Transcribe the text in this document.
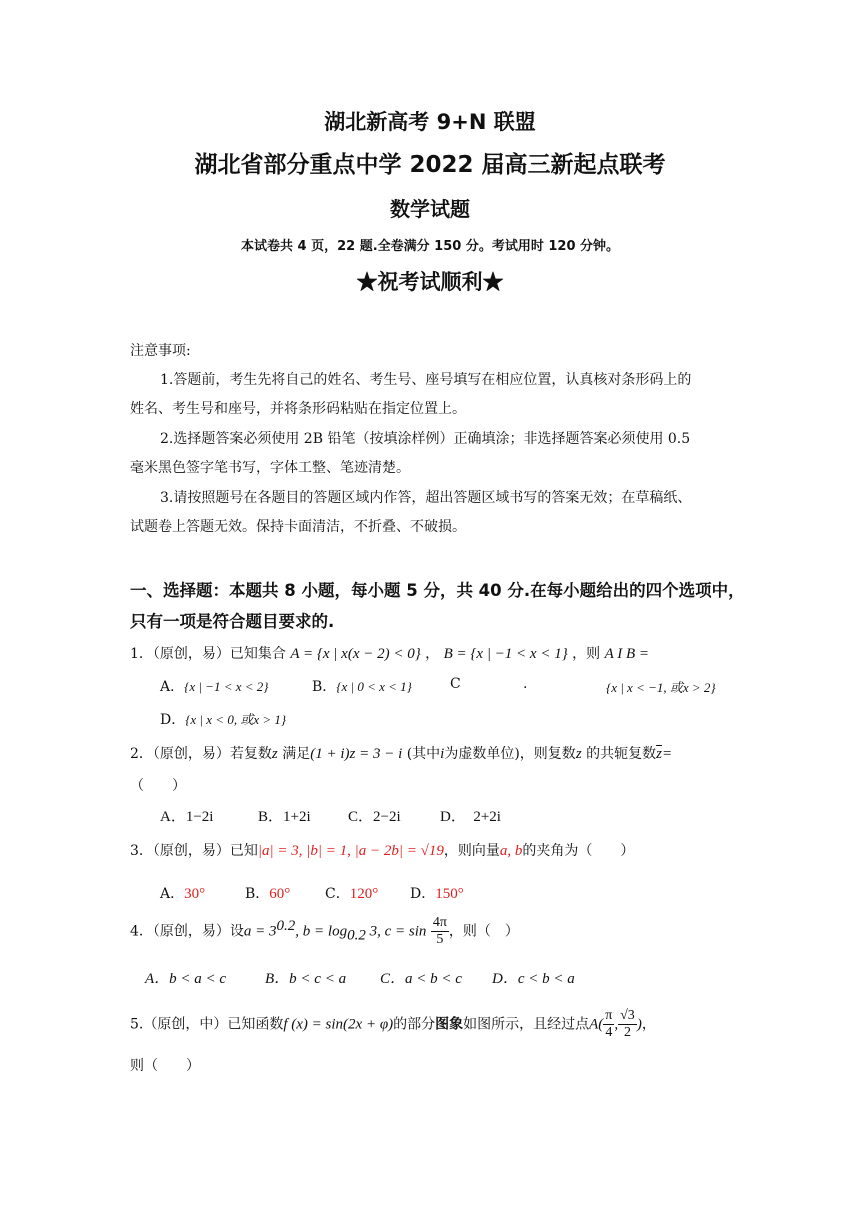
湖北新高考 9+N 联盟
湖北省部分重点中学 2022 届高三新起点联考
数学试题
本试卷共 4 页，22 题.全卷满分 150 分。考试用时 120 分钟。
★祝考试顺利★
注意事项:
1.答题前，考生先将自己的姓名、考生号、座号填写在相应位置，认真核对条形码上的
姓名、考生号和座号，并将条形码粘贴在指定位置上。
2.选择题答案必须使用 2B 铅笔（按填涂样例）正确填涂；非选择题答案必须使用 0.5
毫米黑色签字笔书写，字体工整、笔迹清楚。
3.请按照题号在各题目的答题区域内作答，超出答题区域书写的答案无效；在草稿纸、
试题卷上答题无效。保持卡面清洁，不折叠、不破损。
一、选择题：本题共 8 小题，每小题 5 分，共 40 分.在每小题给出的四个选项中，
只有一项是符合题目要求的.
1．（原创，易）已知集合 A = {x | x(x − 2) < 0} ， B = {x | −1 < x < 1} ，则 A Ι B =
A．{x | −1 < x < 2}	B．{x | 0 < x < 1}	C	.	{x | x < −1, 或x > 2}
D．{x | x < 0, 或x > 1}
2．（原创，易）若复数z 满足(1 + i)z = 3 − i (其中i为虚数单位)，则复数z 的共轭复数$\overline{z}=$
（　　）
A．1−2i	B．1+2i C．2−2i	D．　2+2i
3．（原创，易）已知|a| = 3, |b| = 1, |a − 2b| = √19，则向量a, b的夹角为（　　）
A．30°	B．60° C．120° D．150°
4．（原创，易）设$a = 3^{0.2}$, $b = \log_{0.2} 3$, $c = \sin \frac{4\pi}{5}$ ，则（　）
A．b < a < c	B．b < c < a C．a < b < c D．c < b < a
5.（原创，中）已知函数f (x) = sin(2x + φ)的部分图象如图所示，且经过点$A( \frac{\pi}{4}$ , $\frac{√3}{2}$ )，
则（　　）
